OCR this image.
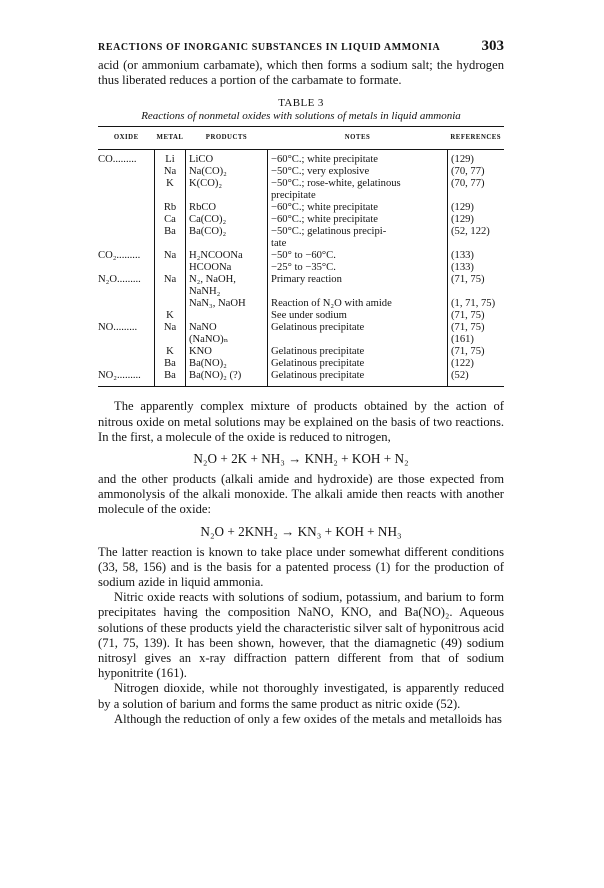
REACTIONS OF INORGANIC SUBSTANCES IN LIQUID AMMONIA	303

acid (or ammonium carbamate), which then forms a sodium salt; the hydrogen thus liberated reduces a portion of the carbamate to formate.

TABLE 3
Reactions of nonmetal oxides with solutions of metals in liquid ammonia
OXIDE	METAL	PRODUCTS	NOTES	REFERENCES
CO.........	Li	LiCO	−60°C.; white precipitate	(129)
	Na	Na(CO)₂	−50°C.; very explosive	(70, 77)
	K	K(CO)₂	−50°C.; rose-white, gelatinous	(70, 77)
			precipitate	
	Rb	RbCO	−60°C.; white precipitate	(129)
	Ca	Ca(CO)₂	−60°C.; white precipitate	(129)
	Ba	Ba(CO)₂	−50°C.; gelatinous precipi-	(52, 122)
			tate	
CO₂.........	Na	H₂NCOONa	−50° to −60°C.	(133)
		HCOONa	−25° to −35°C.	(133)
N₂O.........	Na	N₂, NaOH, NaNH₂	Primary reaction	(71, 75)
		NaN₃, NaOH	Reaction of N₂O with amide	(1, 71, 75)
	K		See under sodium	(71, 75)
NO.........	Na	NaNO	Gelatinous precipitate	(71, 75)
		(NaNO)ₙ		(161)
	K	KNO	Gelatinous precipitate	(71, 75)
	Ba	Ba(NO)₂	Gelatinous precipitate	(122)
NO₂.........	Ba	Ba(NO)₂ (?)	Gelatinous precipitate	(52)

The apparently complex mixture of products obtained by the action of nitrous oxide on metal solutions may be explained on the basis of two reactions. In the first, a molecule of the oxide is reduced to nitrogen,

N₂O + 2K + NH₃ → KNH₂ + KOH + N₂

and the other products (alkali amide and hydroxide) are those expected from ammonolysis of the alkali monoxide. The alkali amide then reacts with another molecule of the oxide:

N₂O + 2KNH₂ → KN₃ + KOH + NH₃

The latter reaction is known to take place under somewhat different conditions (33, 58, 156) and is the basis for a patented process (1) for the production of sodium azide in liquid ammonia.

Nitric oxide reacts with solutions of sodium, potassium, and barium to form precipitates having the composition NaNO, KNO, and Ba(NO)₂. Aqueous solutions of these products yield the characteristic silver salt of hyponitrous acid (71, 75, 139). It has been shown, however, that the diamagnetic (49) sodium nitrosyl gives an x-ray diffraction pattern different from that of sodium hyponitrite (161).

Nitrogen dioxide, while not thoroughly investigated, is apparently reduced by a solution of barium and forms the same product as nitric oxide (52).

Although the reduction of only a few oxides of the metals and metalloids has
